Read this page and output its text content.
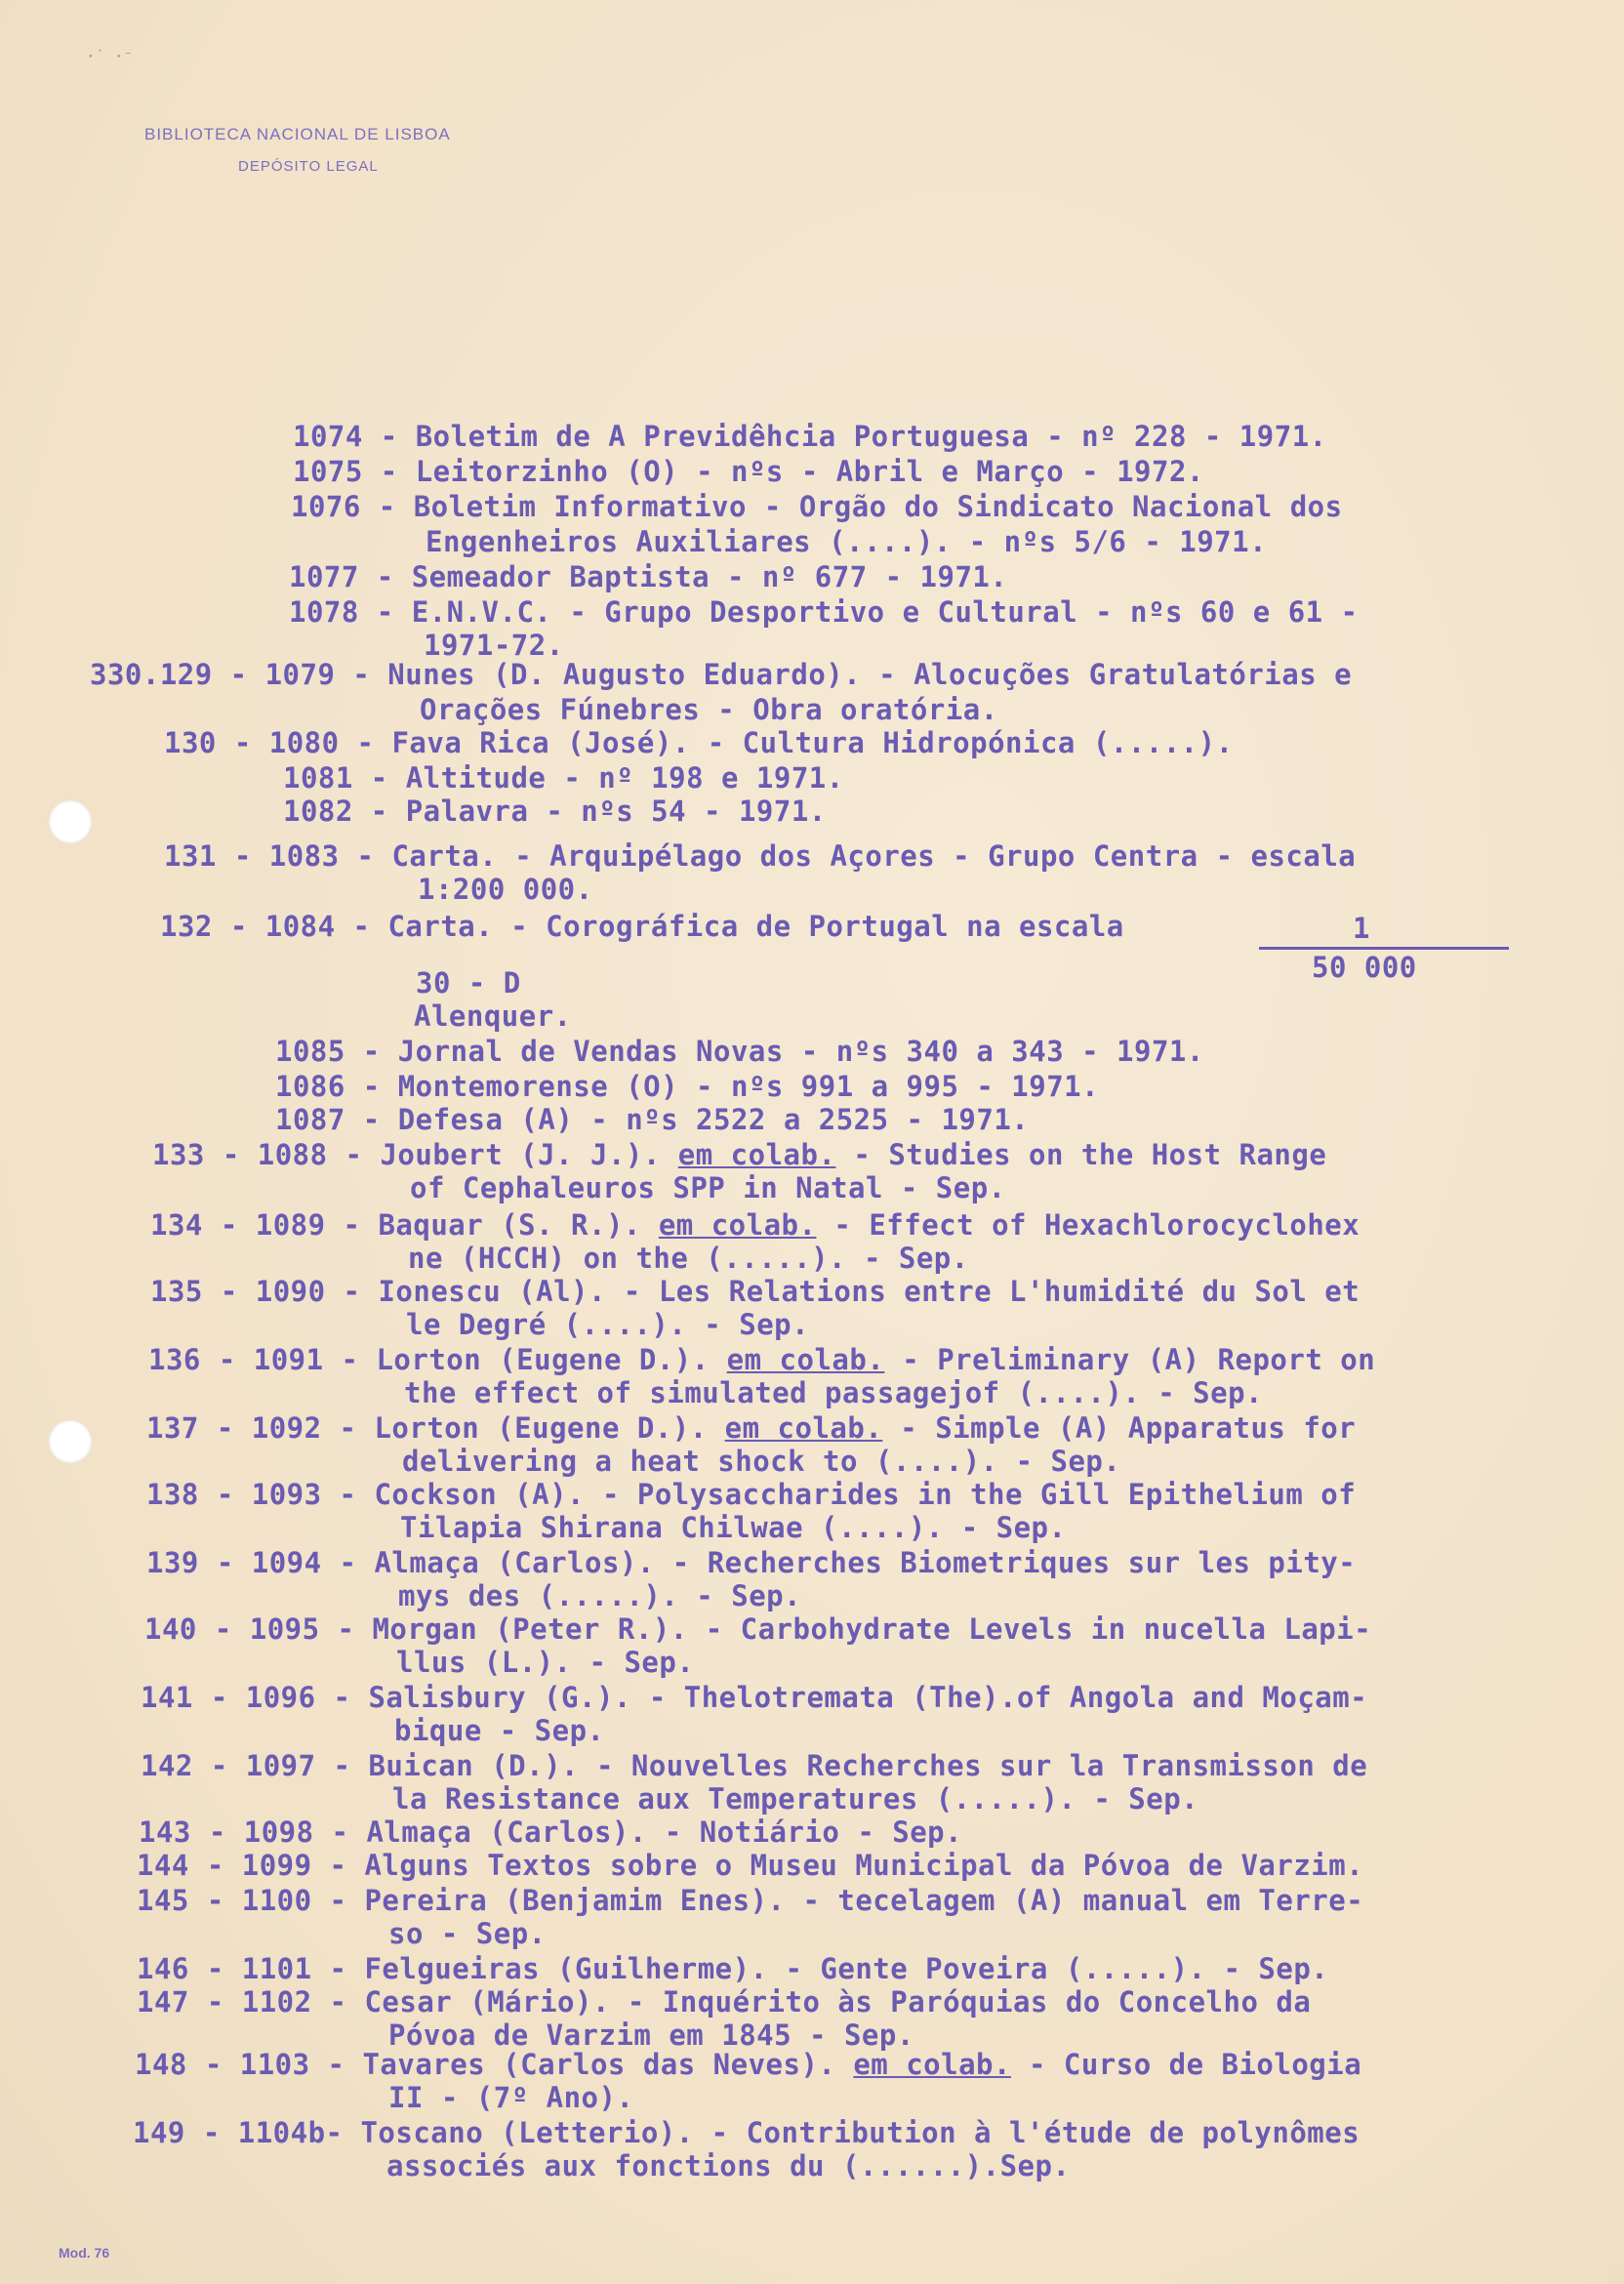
·˙ ·⁻
BIBLIOTECA NACIONAL DE LISBOA
DEPÓSITO LEGAL
1074 - Boletim de A Previdêhcia Portuguesa - nº 228 - 1971.
1075 - Leitorzinho (O) - nºs - Abril e Março - 1972.
1076 - Boletim Informativo - Orgão do Sindicato Nacional dos
Engenheiros Auxiliares (....). - nºs 5/6 - 1971.
1077 - Semeador Baptista - nº 677 - 1971.
1078 - E.N.V.C. - Grupo Desportivo e Cultural - nºs 60 e 61 -
1971-72.
330.129 - 1079 - Nunes (D. Augusto Eduardo). - Alocuções Gratulatórias e
Orações Fúnebres - Obra oratória.
130 - 1080 - Fava Rica (José). - Cultura Hidropónica (.....).
1081 - Altitude - nº 198 e 1971.
1082 - Palavra - nºs 54 - 1971.
131 - 1083 - Carta. - Arquipélago dos Açores - Grupo Centra - escala
1:200 000.
132 - 1084 - Carta. - Corográfica de Portugal na escala	1
50 000
30 - D
Alenquer.
1085 - Jornal de Vendas Novas - nºs 340 a 343 - 1971.
1086 - Montemorense (O) - nºs 991 a 995 - 1971.
1087 - Defesa (A) - nºs 2522 a 2525 - 1971.
133 - 1088 - Joubert (J. J.). em colab. - Studies on the Host Range
of Cephaleuros SPP in Natal - Sep.
134 - 1089 - Baquar (S. R.). em colab. - Effect of Hexachlorocyclohex
ne (HCCH) on the (.....). - Sep.
135 - 1090 - Ionescu (Al). - Les Relations entre L'humidité du Sol et
le Degré (....). - Sep.
136 - 1091 - Lorton (Eugene D.). em colab. - Preliminary (A) Report on
the effect of simulated passagejof (....). - Sep.
137 - 1092 - Lorton (Eugene D.). em colab. - Simple (A) Apparatus for
delivering a heat shock to (....). - Sep.
138 - 1093 - Cockson (A). - Polysaccharides in the Gill Epithelium of
Tilapia Shirana Chilwae (....). - Sep.
139 - 1094 - Almaça (Carlos). - Recherches Biometriques sur les pity-
mys des (.....). - Sep.
140 - 1095 - Morgan (Peter R.). - Carbohydrate Levels in nucella Lapi-
llus (L.). - Sep.
141 - 1096 - Salisbury (G.). - Thelotremata (The).of Angola and Moçam-
bique - Sep.
142 - 1097 - Buican (D.). - Nouvelles Recherches sur la Transmisson de
la Resistance aux Temperatures (.....). - Sep.
143 - 1098 - Almaça (Carlos). - Notiário - Sep.
144 - 1099 - Alguns Textos sobre o Museu Municipal da Póvoa de Varzim.
145 - 1100 - Pereira (Benjamim Enes). - tecelagem (A) manual em Terre-
so - Sep.
146 - 1101 - Felgueiras (Guilherme). - Gente Poveira (.....). - Sep.
147 - 1102 - Cesar (Mário). - Inquérito às Paróquias do Concelho da
Póvoa de Varzim em 1845 - Sep.
148 - 1103 - Tavares (Carlos das Neves). em colab. - Curso de Biologia
II - (7º Ano).
149 - 1104b- Toscano (Letterio). - Contribution à l'étude de polynômes
associés aux fonctions du (......).Sep.
Mod. 76
